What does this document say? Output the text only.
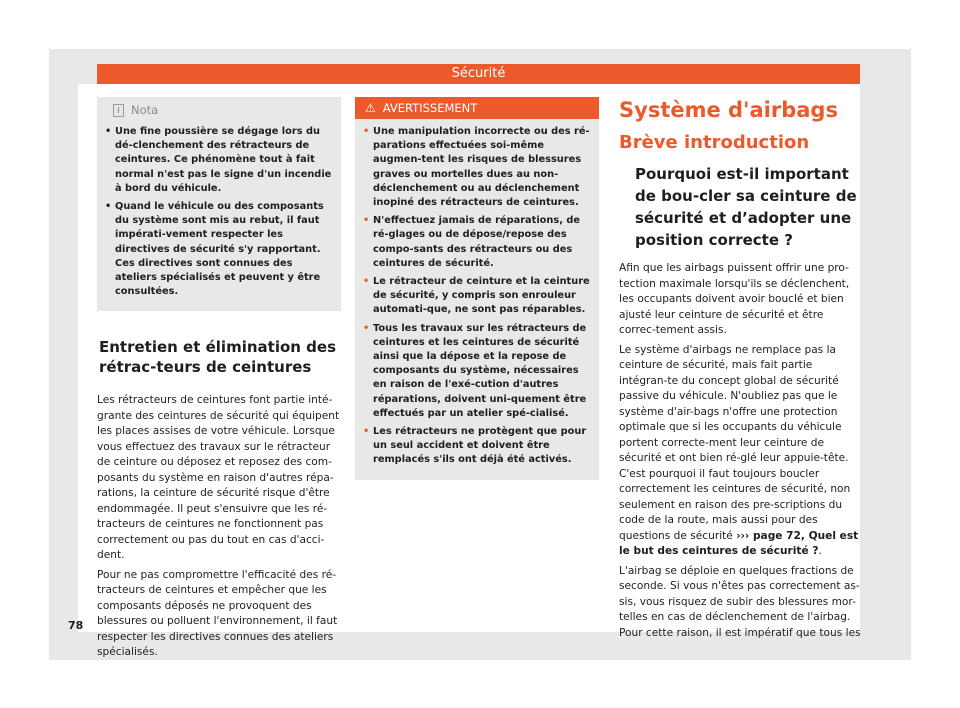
Sécurité
i Nota
• Une fine poussière se dégage lors du dé-clenchement des rétracteurs de ceintures. Ce phénomène tout à fait normal n'est pas le signe d'un incendie à bord du véhicule.
• Quand le véhicule ou des composants du système sont mis au rebut, il faut impérati-vement respecter les directives de sécurité s'y rapportant. Ces directives sont connues des ateliers spécialisés et peuvent y être consultées.

Entretien et élimination des rétrac-teurs de ceintures

Les rétracteurs de ceintures font partie inté-grante des ceintures de sécurité qui équipent les places assises de votre véhicule. Lorsque vous effectuez des travaux sur le rétracteur de ceinture ou déposez et reposez des com-posants du système en raison d'autres répa-rations, la ceinture de sécurité risque d'être endommagée. Il peut s'ensuivre que les ré-tracteurs de ceintures ne fonctionnent pas correctement ou pas du tout en cas d'acci-dent.

Pour ne pas compromettre l'efficacité des ré-tracteurs de ceintures et empêcher que les composants déposés ne provoquent des blessures ou polluent l'environnement, il faut respecter les directives connues des ateliers spécialisés.

⚠ AVERTISSEMENT
• Une manipulation incorrecte ou des ré-parations effectuées soi-même augmen-tent les risques de blessures graves ou mortelles dues au non-déclenchement ou au déclenchement inopiné des rétracteurs de ceintures.
• N'effectuez jamais de réparations, de ré-glages ou de dépose/repose des compo-sants des rétracteurs ou des ceintures de sécurité.
• Le rétracteur de ceinture et la ceinture de sécurité, y compris son enrouleur automati-que, ne sont pas réparables.
• Tous les travaux sur les rétracteurs de ceintures et les ceintures de sécurité ainsi que la dépose et la repose de composants du système, nécessaires en raison de l'exé-cution d'autres réparations, doivent uni-quement être effectués par un atelier spé-cialisé.
• Les rétracteurs ne protègent que pour un seul accident et doivent être remplacés s'ils ont déjà été activés.

Système d'airbags

Brève introduction

Pourquoi est-il important de bou-cler sa ceinture de sécurité et d’adopter une position correcte ?

Afin que les airbags puissent offrir une pro-tection maximale lorsqu'ils se déclenchent, les occupants doivent avoir bouclé et bien ajusté leur ceinture de sécurité et être correc-tement assis.

Le système d'airbags ne remplace pas la ceinture de sécurité, mais fait partie intégran-te du concept global de sécurité passive du véhicule. N'oubliez pas que le système d'air-bags n'offre une protection optimale que si les occupants du véhicule portent correcte-ment leur ceinture de sécurité et ont bien ré-glé leur appuie-tête. C'est pourquoi il faut toujours boucler correctement les ceintures de sécurité, non seulement en raison des pre-scriptions du code de la route, mais aussi pour des questions de sécurité ››› page 72, Quel est le but des ceintures de sécurité ?.

L'airbag se déploie en quelques fractions de seconde. Si vous n'êtes pas correctement as-sis, vous risquez de subir des blessures mor-telles en cas de déclenchement de l'airbag. Pour cette raison, il est impératif que tous les

78
